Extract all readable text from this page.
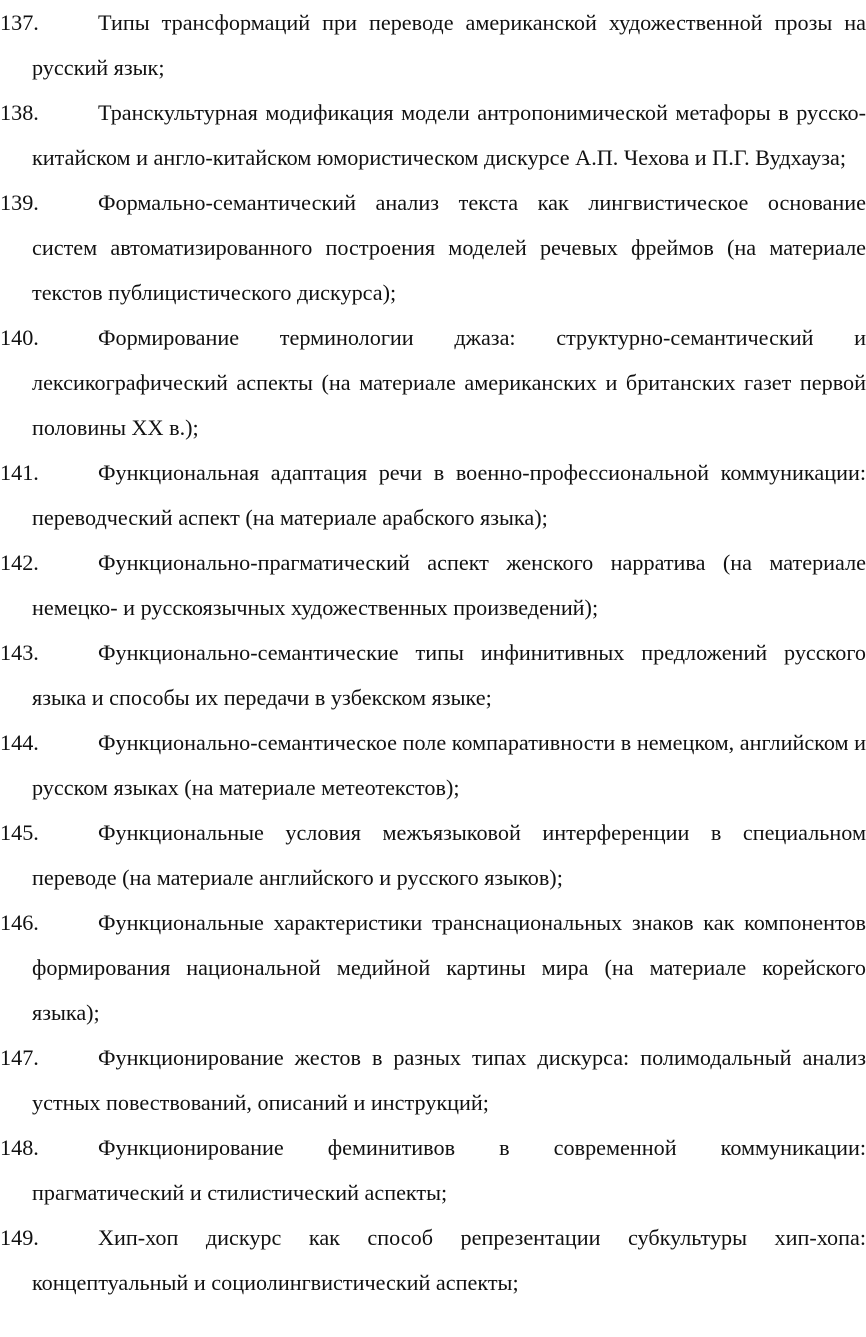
137.	Типы трансформаций при переводе американской художественной прозы на русский язык;

138.	Транскультурная модификация модели антропонимической метафоры в русско-китайском и англо-китайском юмористическом дискурсе А.П. Чехова и П.Г. Вудхауза;

139.	Формально-семантический анализ текста как лингвистическое основание систем автоматизированного построения моделей речевых фреймов (на материале текстов публицистического дискурса);

140.	Формирование терминологии джаза: структурно-семантический и лексикографический аспекты (на материале американских и британских газет первой половины XX в.);

141.	Функциональная адаптация речи в военно-профессиональной коммуникации: переводческий аспект (на материале арабского языка);

142.	Функционально-прагматический аспект женского нарратива (на материале немецко- и русскоязычных художественных произведений);

143.	Функционально-семантические типы инфинитивных предложений русского языка и способы их передачи в узбекском языке;

144.	Функционально-семантическое поле компаративности в немецком, английском и русском языках (на материале метеотекстов);

145.	Функциональные условия межъязыковой интерференции в специальном переводе (на материале английского и русского языков);

146.	Функциональные характеристики транснациональных знаков как компонентов формирования национальной медийной картины мира (на материале корейского языка);

147.	Функционирование жестов в разных типах дискурса: полимодальный анализ устных повествований, описаний и инструкций;

148.	Функционирование феминитивов в современной коммуникации: прагматический и стилистический аспекты;

149.	Хип-хоп дискурс как способ репрезентации субкультуры хип-хопа: концептуальный и социолингвистический аспекты;
